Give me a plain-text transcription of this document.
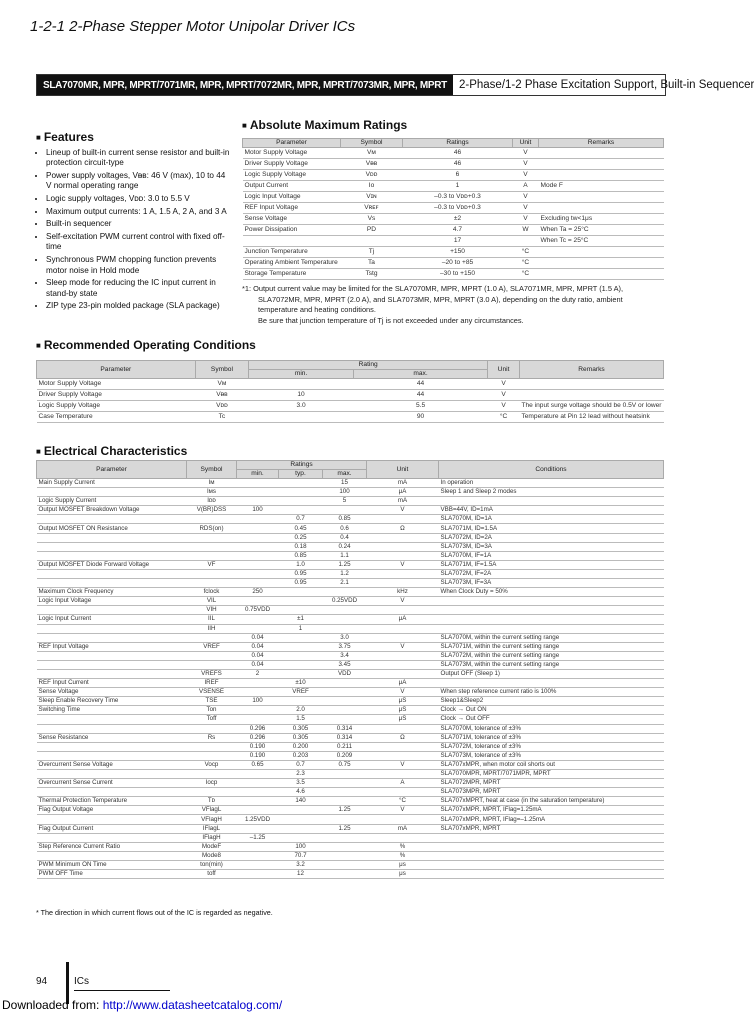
1-2-1 2-Phase Stepper Motor Unipolar Driver ICs
SLA7070MR, MPR, MPRT/7071MR, MPR, MPRT/7072MR, MPR, MPRT/7073MR, MPR, MPRT	2-Phase/1-2 Phase Excitation Support, Built-in Sequencer
■ Features
• Lineup of built-in current sense resistor and built-in protection circuit-type
• Power supply voltages, Vᴃʙ: 46 V (max), 10 to 44 V normal operating range
• Logic supply voltages, Vᴅᴅ: 3.0 to 5.5 V
• Maximum output currents: 1 A, 1.5 A, 2 A, and 3 A
• Built-in sequencer
• Self-excitation PWM current control with fixed off-time
• Synchronous PWM chopping function prevents motor noise in Hold mode
• Sleep mode for reducing the IC input current in stand-by state
• ZIP type 23-pin molded package (SLA package)
■ Absolute Maximum Ratings
Parameter	Symbol	Ratings	Unit	Remarks
Motor Supply Voltage	Vᴍ	46	V	
Driver Supply Voltage	Vᴃʙ	46	V	
Logic Supply Voltage	Vᴅᴅ	6	V	
Output Current	Io	1	A	Mode F
Logic Input Voltage	Vɪɴ	–0.3 to Vᴅᴅ+0.3	V	
REF Input Voltage	Vʀᴇꜰ	–0.3 to Vᴅᴅ+0.3	V	
Sense Voltage	Vs	±2	V	Excluding tw<1μs
Power Dissipation	PD	4.7	W	When Ta = 25°C
		17		When Tc = 25°C
Junction Temperature	Tj	+150	°C	
Operating Ambient Temperature	Ta	–20 to +85	°C	
Storage Temperature	Tstg	–30 to +150	°C	
*1: Output current value may be limited for the SLA7070MR, MPR, MPRT (1.0 A), SLA7071MR, MPR, MPRT (1.5 A),
SLA7072MR, MPR, MPRT (2.0 A), and SLA7073MR, MPR, MPRT (3.0 A), depending on the duty ratio, ambient
temperature and heating conditions.
Be sure that junction temperature of Tj is not exceeded under any circumstances.
■ Recommended Operating Conditions
Parameter	Symbol	Rating		Unit	Remarks
		min.	max.		
Motor Supply Voltage	Vᴍ		44	V	
Driver Supply Voltage	Vᴃʙ	10	44	V	
Logic Supply Voltage	Vᴅᴅ	3.0	5.5	V	The input surge voltage should be 0.5V or lower
Case Temperature	Tc		90	°C	Temperature at Pin 12 lead without heatsink
■ Electrical Characteristics
Parameter	Symbol	Ratings			Unit	Conditions
		min.	typ.	max.		
Main Supply Current	Iᴍ			15	mA	In operation
	Iᴍs			100	μA	Sleep 1 and Sleep 2 modes
Logic Supply Current	Iᴅᴅ			5	mA	
Output MOSFET Breakdown Voltage	V(BR)DSS	100			V	VBB=44V, ID=1mA
			0.7	0.85		SLA7070M, ID=1A
Output MOSFET ON Resistance	RDS(on)		0.45	0.6	Ω	SLA7071M, ID=1.5A
			0.25	0.4		SLA7072M, ID=2A
			0.18	0.24		SLA7073M, ID=3A
			0.85	1.1		SLA7070M, IF=1A
Output MOSFET Diode Forward Voltage	VF		1.0	1.25	V	SLA7071M, IF=1.5A
			0.95	1.2		SLA7072M, IF=2A
			0.95	2.1		SLA7073M, IF=3A
Maximum Clock Frequency	fclock	250			kHz	When Clock Duty = 50%
Logic Input Voltage	VIL			0.25VDD	V	
	VIH	0.75VDD				
Logic Input Current	IIL		±1		μA	
	IIH		1			
		0.04		3.0		SLA7070M, within the current setting range
REF Input Voltage	VREF	0.04		3.75	V	SLA7071M, within the current setting range
		0.04		3.4		SLA7072M, within the current setting range
		0.04		3.45		SLA7073M, within the current setting range
	VREFS	2		VDD		Output OFF (Sleep 1)
REF Input Current	IREF		±10		μA	
Sense Voltage	VSENSE		VREF		V	When step reference current ratio is 100%
Sleep Enable Recovery Time	TSE	100			μS	Sleep1&Sleep2
Switching Time	Ton		2.0		μS	Clock → Out ON
	Toff		1.5		μS	Clock → Out OFF
		0.296	0.305	0.314		SLA7070M, tolerance of ±3%
Sense Resistance	Rs	0.296	0.305	0.314	Ω	SLA7071M, tolerance of ±3%
		0.190	0.200	0.211		SLA7072M, tolerance of ±3%
		0.190	0.203	0.209		SLA7073M, tolerance of ±3%
Overcurrent Sense Voltage	Vocp	0.65	0.7	0.75	V	SLA707xMPR, when motor coil shorts out
			2.3			SLA7070MPR, MPRT/7071MPR, MPRT
Overcurrent Sense Current	Iocp		3.5		A	SLA7072MPR, MPRT
			4.6			SLA7073MPR, MPRT
Thermal Protection Temperature	Tᴅ		140		°C	SLA707xMPRT, heat at case (in the saturation temperature)
Flag Output Voltage	VFlagL			1.25	V	SLA707xMPR, MPRT, IFlag=1.25mA
	VFlagH	1.25VDD				SLA707xMPR, MPRT, IFlag=–1.25mA
Flag Output Current	IFlagL			1.25	mA	SLA707xMPR, MPRT
	IFlagH	–1.25				
Step Reference Current Ratio	ModeF		100		%	
	Mode8		70.7		%	
PWM Minimum ON Time	ton(min)		3.2		μs	
PWM OFF Time	toff		12		μs	
* The direction in which current flows out of the IC is regarded as negative.
94	ICs
Downloaded from: http://www.datasheetcatalog.com/
